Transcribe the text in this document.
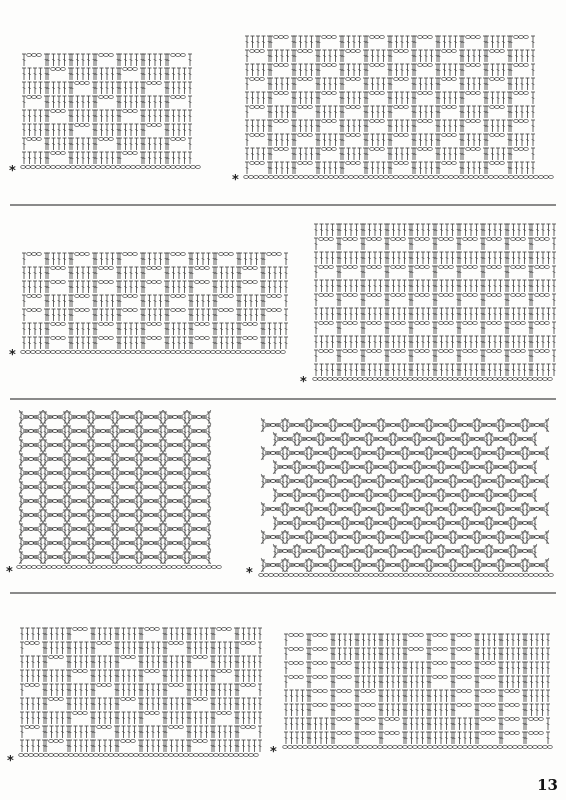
*
*
*
*
*	*
*
*
13
